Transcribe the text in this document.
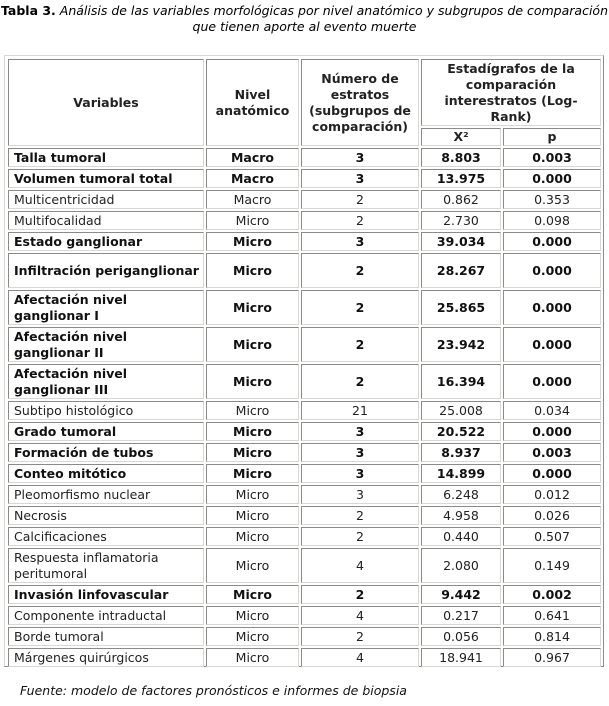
Tabla 3. Análisis de las variables morfológicas por nivel anatómico y subgrupos de comparación que tienen aporte al evento muerte
Variables	Nivel anatómico	Número de estratos (subgrupos de comparación)	Estadígrafos de la comparación interestratos (Log-Rank)	
			X²	p
Talla tumoral	Macro	3	8.803	0.003
Volumen tumoral total	Macro	3	13.975	0.000
Multicentricidad	Macro	2	0.862	0.353
Multifocalidad	Micro	2	2.730	0.098
Estado ganglionar	Micro	3	39.034	0.000
Infiltración periganglionar	Micro	2	28.267	0.000
Afectación nivel ganglionar I	Micro	2	25.865	0.000
Afectación nivel ganglionar II	Micro	2	23.942	0.000
Afectación nivel ganglionar III	Micro	2	16.394	0.000
Subtipo histológico	Micro	21	25.008	0.034
Grado tumoral	Micro	3	20.522	0.000
Formación de tubos	Micro	3	8.937	0.003
Conteo mitótico	Micro	3	14.899	0.000
Pleomorfismo nuclear	Micro	3	6.248	0.012
Necrosis	Micro	2	4.958	0.026
Calcificaciones	Micro	2	0.440	0.507
Respuesta inflamatoria peritumoral	Micro	4	2.080	0.149
Invasión linfovascular	Micro	2	9.442	0.002
Componente intraductal	Micro	4	0.217	0.641
Borde tumoral	Micro	2	0.056	0.814
Márgenes quirúrgicos	Micro	4	18.941	0.967
Fuente: modelo de factores pronósticos e informes de biopsia
